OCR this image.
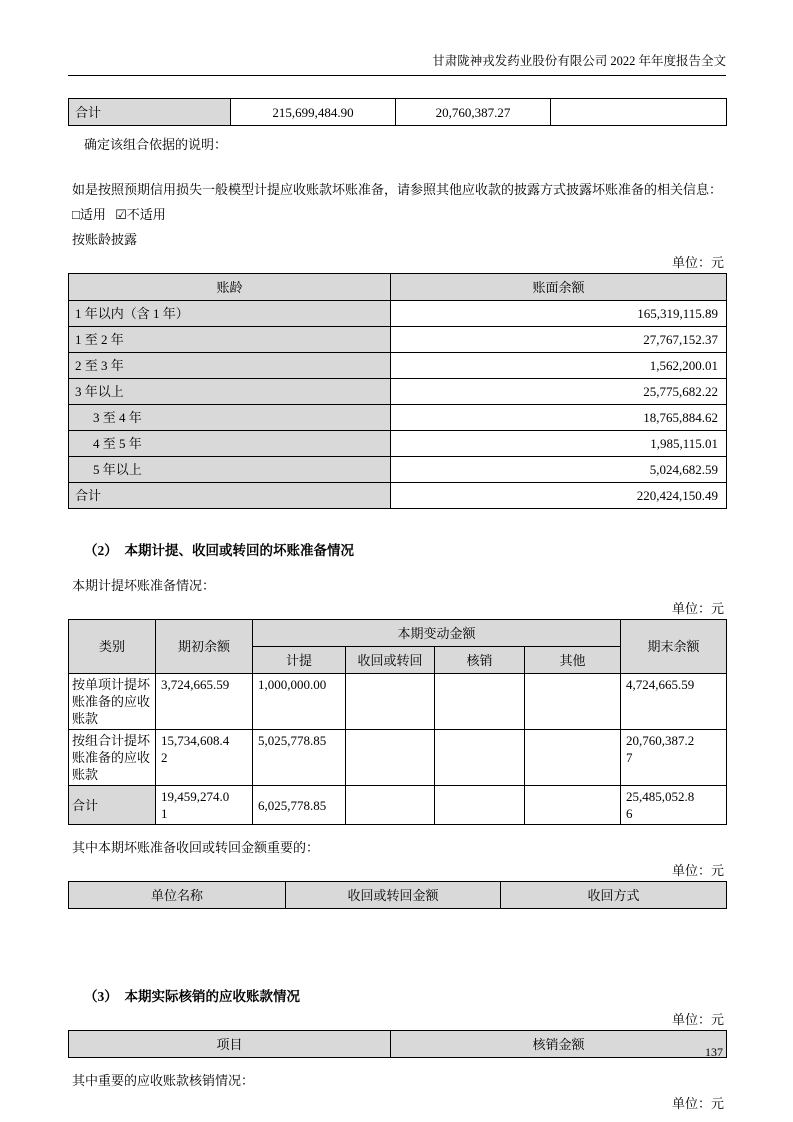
甘肃陇神戎发药业股份有限公司 2022 年年度报告全文
合计	215,699,484.90	20,760,387.27	

确定该组合依据的说明：

如是按照预期信用损失一般模型计提应收账款坏账准备，请参照其他应收款的披露方式披露坏账准备的相关信息：

□适用 ☑不适用

按账龄披露

单位：元
账龄	账面余额
1 年以内（含 1 年）	165,319,115.89
1 至 2 年	27,767,152.37
2 至 3 年	1,562,200.01
3 年以上	25,775,682.22
3 至 4 年	18,765,884.62
4 至 5 年	1,985,115.01
5 年以上	5,024,682.59
合计	220,424,150.49
（2）　本期计提、收回或转回的坏账准备情况

本期计提坏账准备情况：

单位：元
类别	期初余额	本期变动金额				期末余额
		计提	收回或转回	核销	其他	
按单项计提坏账准备的应收账款	3,724,665.59	1,000,000.00				4,724,665.59
按组合计提坏账准备的应收账款	15,734,608.42	5,025,778.85				20,760,387.27
合计	19,459,274.01	6,025,778.85				25,485,052.86

其中本期坏账准备收回或转回金额重要的：

单位：元
单位名称	收回或转回金额	收回方式
（3）　本期实际核销的应收账款情况
单位：元
项目	核销金额

其中重要的应收账款核销情况：

单位：元
137
